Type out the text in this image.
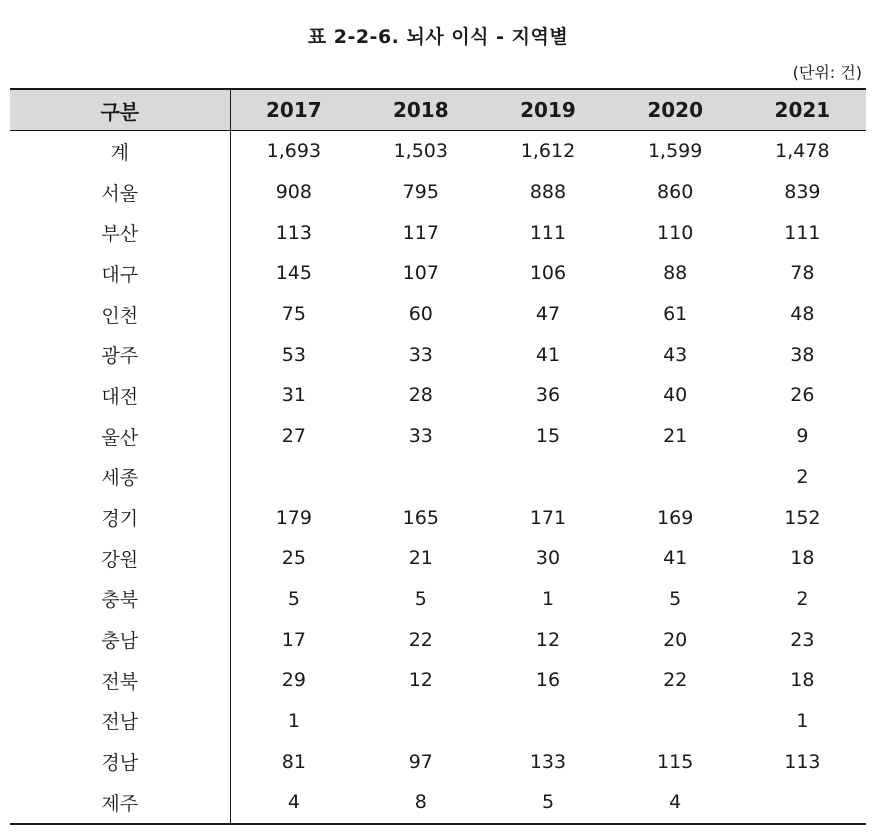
표 2-2-6. 뇌사 이식 - 지역별
(단위: 건)
구분	2017	2018	2019	2020	2021
계	1,693	1,503	1,612	1,599	1,478
서울	908	795	888	860	839
부산	113	117	111	110	111
대구	145	107	106	88	78
인천	75	60	47	61	48
광주	53	33	41	43	38
대전	31	28	36	40	26
울산	27	33	15	21	9
세종					2
경기	179	165	171	169	152
강원	25	21	30	41	18
충북	5	5	1	5	2
충남	17	22	12	20	23
전북	29	12	16	22	18
전남	1				1
경남	81	97	133	115	113
제주	4	8	5	4	
